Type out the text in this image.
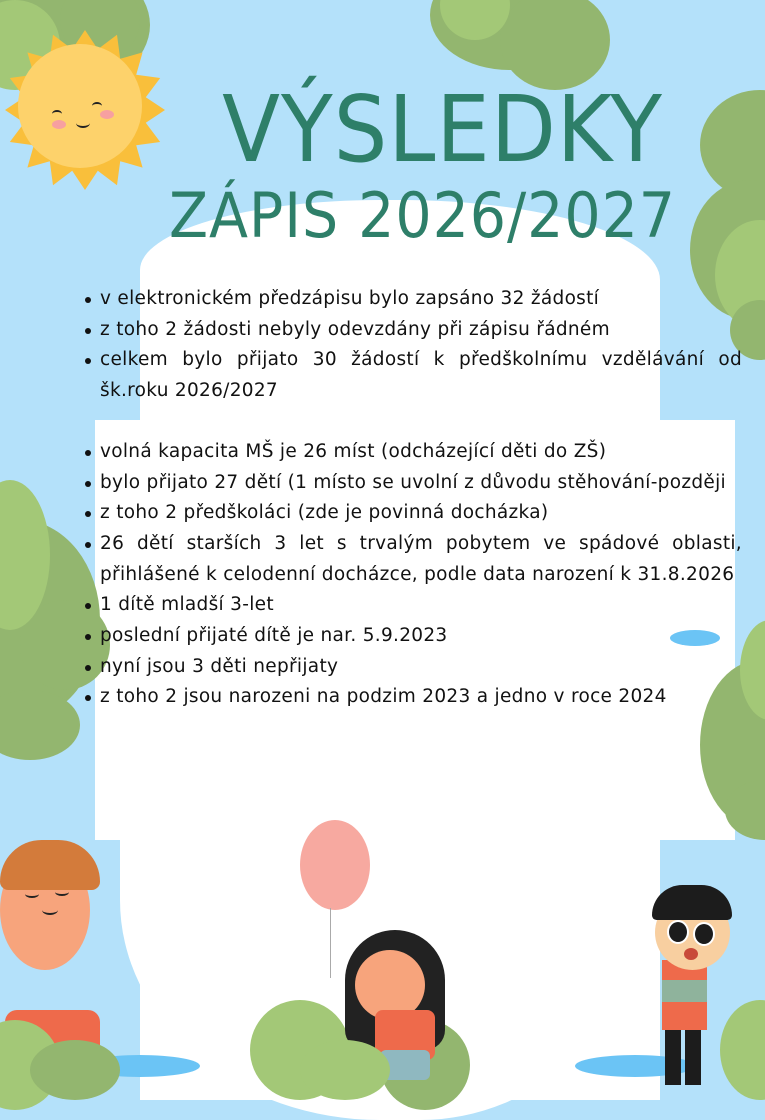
VÝSLEDKY
ZÁPIS 2026/2027
v elektronickém předzápisu bylo zapsáno 32 žádostí
z toho 2 žádosti nebyly odevzdány při zápisu řádném
celkem bylo přijato 30 žádostí k předškolnímu vzdělávání od šk.roku 2026/2027
volná kapacita MŠ je 26 míst (odcházející děti do ZŠ)
bylo přijato 27 dětí (1 místo se uvolní z důvodu stěhování-později
z toho 2 předškoláci (zde je povinná docházka)
26 dětí starších 3 let s trvalým pobytem ve spádové oblasti, přihlášené k celodenní docházce, podle data narození k 31.8.2026
1 dítě mladší 3-let
poslední přijaté dítě je nar. 5.9.2023
nyní jsou 3 děti nepřijaty
z toho 2 jsou narozeni na podzim 2023 a jedno v roce 2024
